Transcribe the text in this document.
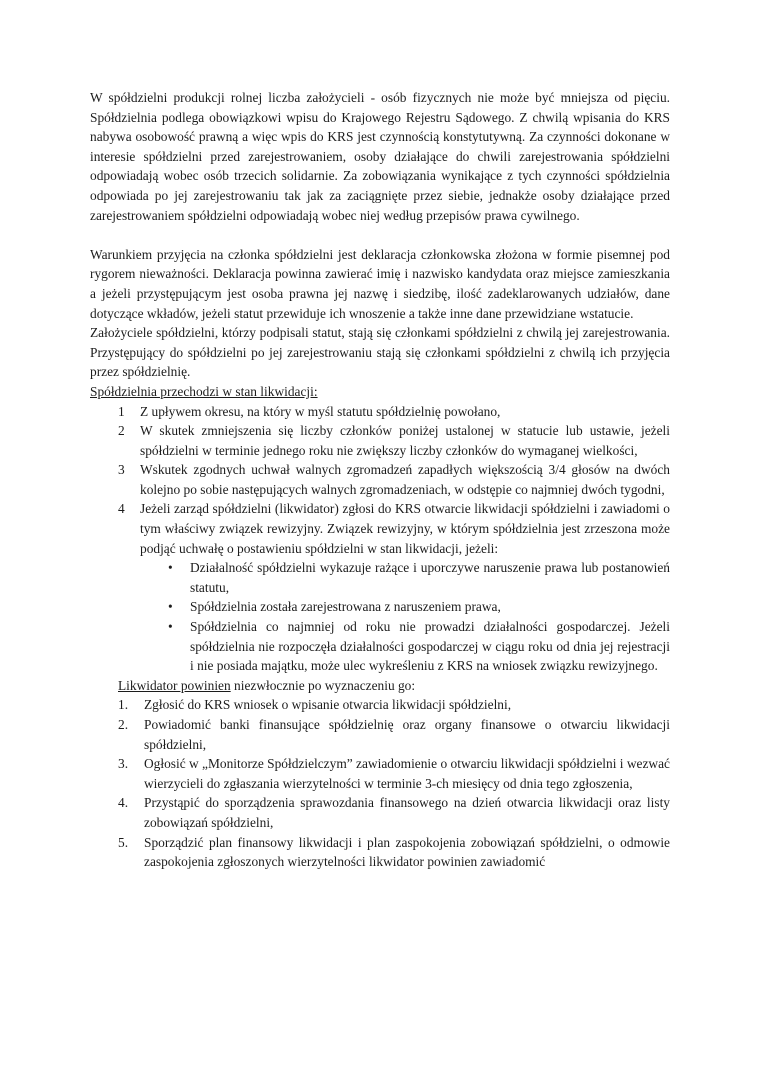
W spółdzielni produkcji rolnej liczba założycieli - osób fizycznych nie może być mniejsza od pięciu. Spółdzielnia podlega obowiązkowi wpisu do Krajowego Rejestru Sądowego. Z chwilą wpisania do KRS nabywa osobowość prawną a więc wpis do KRS jest czynnością konstytutywną. Za czynności dokonane w interesie spółdzielni przed zarejestrowaniem, osoby działające do chwili zarejestrowania spółdzielni odpowiadają wobec osób trzecich solidarnie. Za zobowiązania wynikające z tych czynności spółdzielnia odpowiada po jej zarejestrowaniu tak jak za zaciągnięte przez siebie, jednakże osoby działające przed zarejestrowaniem spółdzielni odpowiadają wobec niej według przepisów prawa cywilnego.

Warunkiem przyjęcia na członka spółdzielni jest deklaracja członkowska złożona w formie pisemnej pod rygorem nieważności. Deklaracja powinna zawierać imię i nazwisko kandydata oraz miejsce zamieszkania a jeżeli przystępującym jest osoba prawna jej nazwę i siedzibę, ilość zadeklarowanych udziałów, dane dotyczące wkładów, jeżeli statut przewiduje ich wnoszenie a także inne dane przewidziane wstatucie.

Założyciele spółdzielni, którzy podpisali statut, stają się członkami spółdzielni z chwilą jej zarejestrowania. Przystępujący do spółdzielni po jej zarejestrowaniu stają się członkami spółdzielni z chwilą ich przyjęcia przez spółdzielnię.

Spółdzielnia przechodzi w stan likwidacji:

1	Z upływem okresu, na który w myśl statutu spółdzielnię powołano,
2	W skutek zmniejszenia się liczby członków poniżej ustalonej w statucie lub ustawie, jeżeli spółdzielni w terminie jednego roku nie zwiększy liczby członków do wymaganej wielkości,
3	Wskutek zgodnych uchwał walnych zgromadzeń zapadłych większością 3/4 głosów na dwóch kolejno po sobie następujących walnych zgromadzeniach, w odstępie co najmniej dwóch tygodni,
4	Jeżeli zarząd spółdzielni (likwidator) zgłosi do KRS otwarcie likwidacji spółdzielni i zawiadomi o tym właściwy związek rewizyjny. Związek rewizyjny, w którym spółdzielnia jest zrzeszona może podjąć uchwałę o postawieniu spółdzielni w stan likwidacji, jeżeli:
•	Działalność spółdzielni wykazuje rażące i uporczywe naruszenie prawa lub postanowień statutu,
•	Spółdzielnia została zarejestrowana z naruszeniem prawa,
•	Spółdzielnia co najmniej od roku nie prowadzi działalności gospodarczej. Jeżeli spółdzielnia nie rozpoczęła działalności gospodarczej w ciągu roku od dnia jej rejestracji i nie posiada majątku, może ulec wykreśleniu z KRS na wniosek związku rewizyjnego.

Likwidator powinien niezwłocznie po wyznaczeniu go:

1.	Zgłosić do KRS wniosek o wpisanie otwarcia likwidacji spółdzielni,
2.	Powiadomić banki finansujące spółdzielnię oraz organy finansowe o otwarciu likwidacji spółdzielni,
3.	Ogłosić w „Monitorze Spółdzielczym” zawiadomienie o otwarciu likwidacji spółdzielni i wezwać wierzycieli do zgłaszania wierzytelności w terminie 3-ch miesięcy od dnia tego zgłoszenia,
4.	Przystąpić do sporządzenia sprawozdania finansowego na dzień otwarcia likwidacji oraz listy zobowiązań spółdzielni,
5.	Sporządzić plan finansowy likwidacji i plan zaspokojenia zobowiązań spółdzielni, o odmowie zaspokojenia zgłoszonych wierzytelności likwidator powinien zawiadomić
